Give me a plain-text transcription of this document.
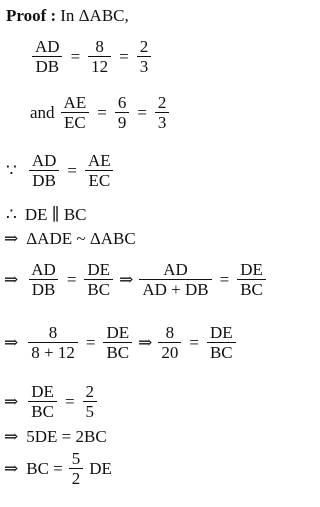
Proof : In ΔABC,
$\frac{AD}{DB} = \frac{8}{12} = \frac{2}{3}$
and $\frac{AE}{EC} = \frac{6}{9} = \frac{2}{3}$
∵ $\frac{AD}{DB} = \frac{AE}{EC}$
∴ DE ∥ BC
⇒ ΔADE ~ ΔABC
⇒ $\frac{AD}{DB} = \frac{DE}{BC}$ ⇒ $\frac{AD}{AD + DB} = \frac{DE}{BC}$
⇒ $\frac{8}{8 + 12} = \frac{DE}{BC}$ ⇒ $\frac{8}{20} = \frac{DE}{BC}$
⇒ $\frac{DE}{BC} = \frac{2}{5}$
⇒ 5DE = 2BC
⇒ BC = $\frac{5}{2}$ DE
